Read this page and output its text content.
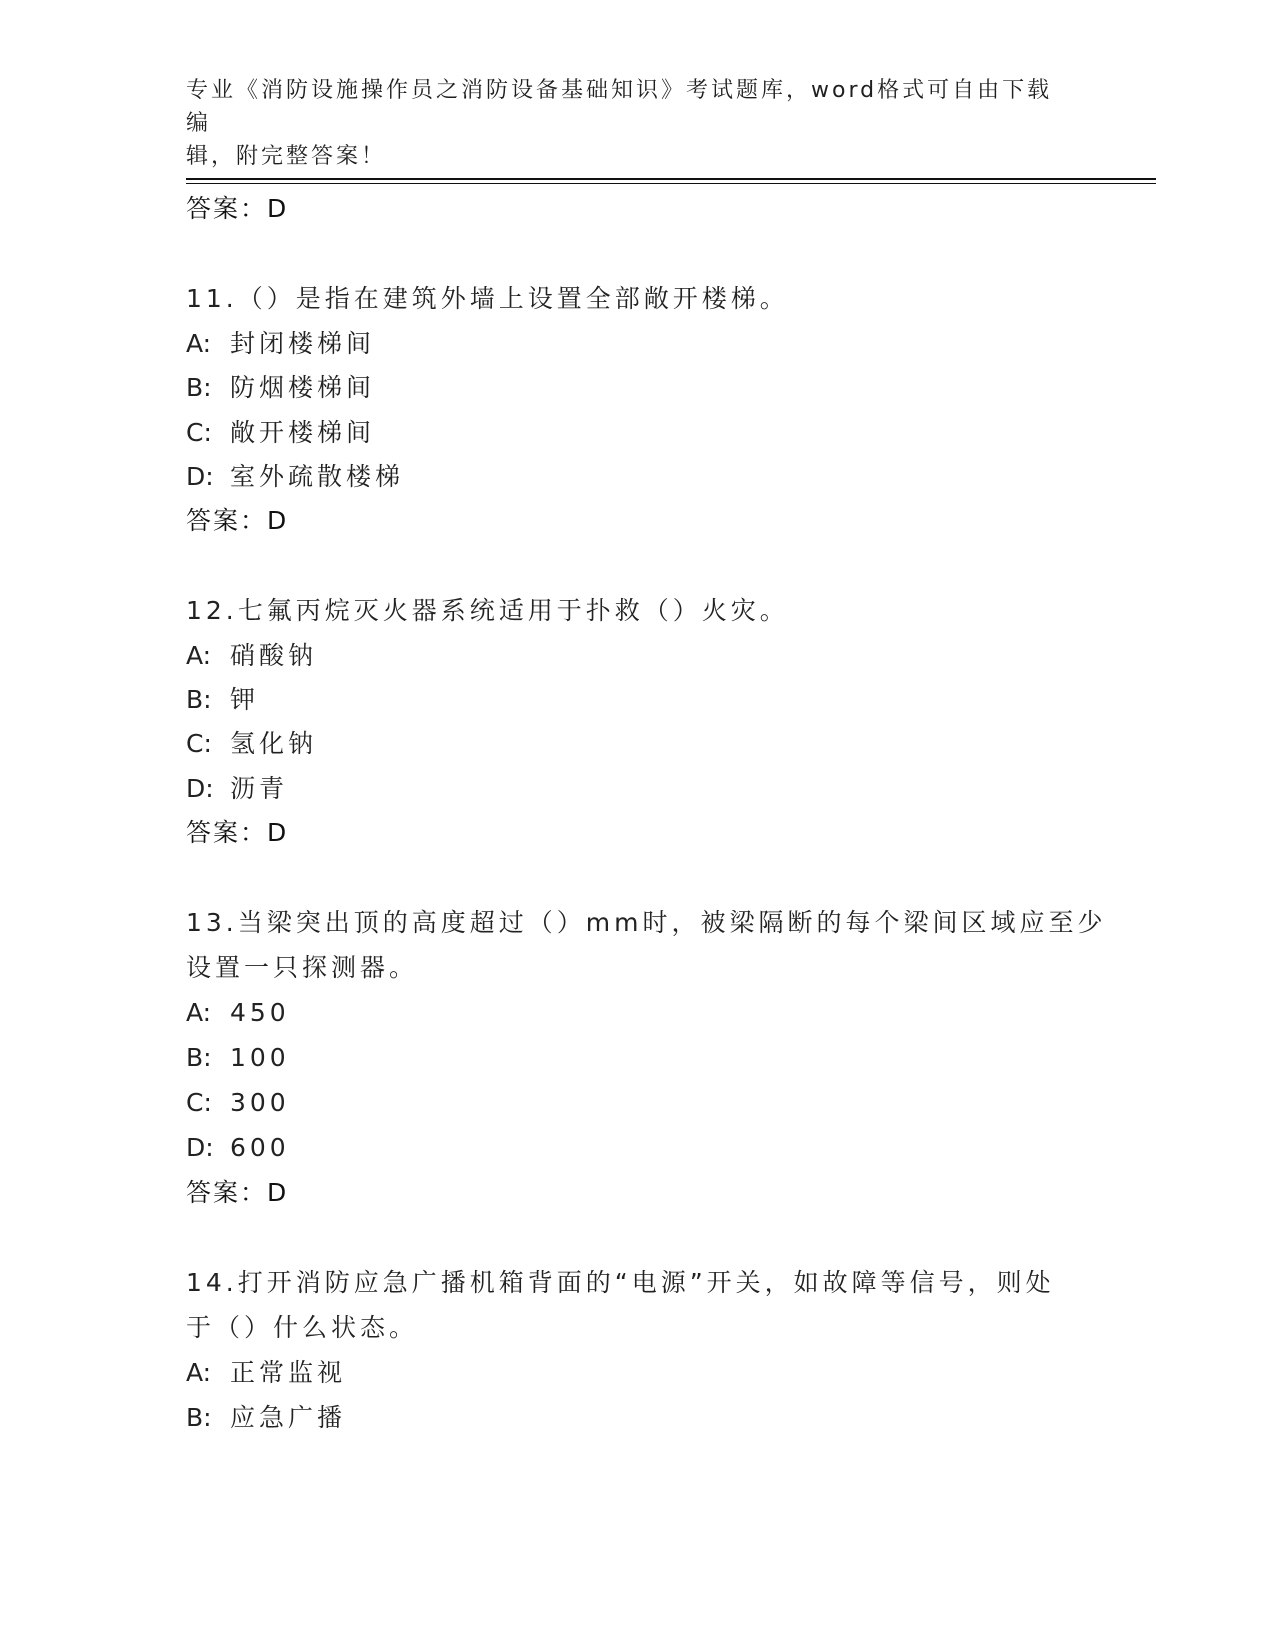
专业《消防设施操作员之消防设备基础知识》考试题库，word格式可自由下载编
辑，附完整答案！
答案：D
11.（）是指在建筑外墙上设置全部敞开楼梯。
A: 封闭楼梯间
B: 防烟楼梯间
C: 敞开楼梯间
D: 室外疏散楼梯
答案：D
12.七氟丙烷灭火器系统适用于扑救（）火灾。
A: 硝酸钠
B: 钾
C: 氢化钠
D: 沥青
答案：D
13.当梁突出顶的高度超过（）mm时，被梁隔断的每个梁间区域应至少
设置一只探测器。
A: 450
B: 100
C: 300
D: 600
答案：D
14.打开消防应急广播机箱背面的“电源”开关，如故障等信号，则处
于（）什么状态。
A: 正常监视
B: 应急广播
